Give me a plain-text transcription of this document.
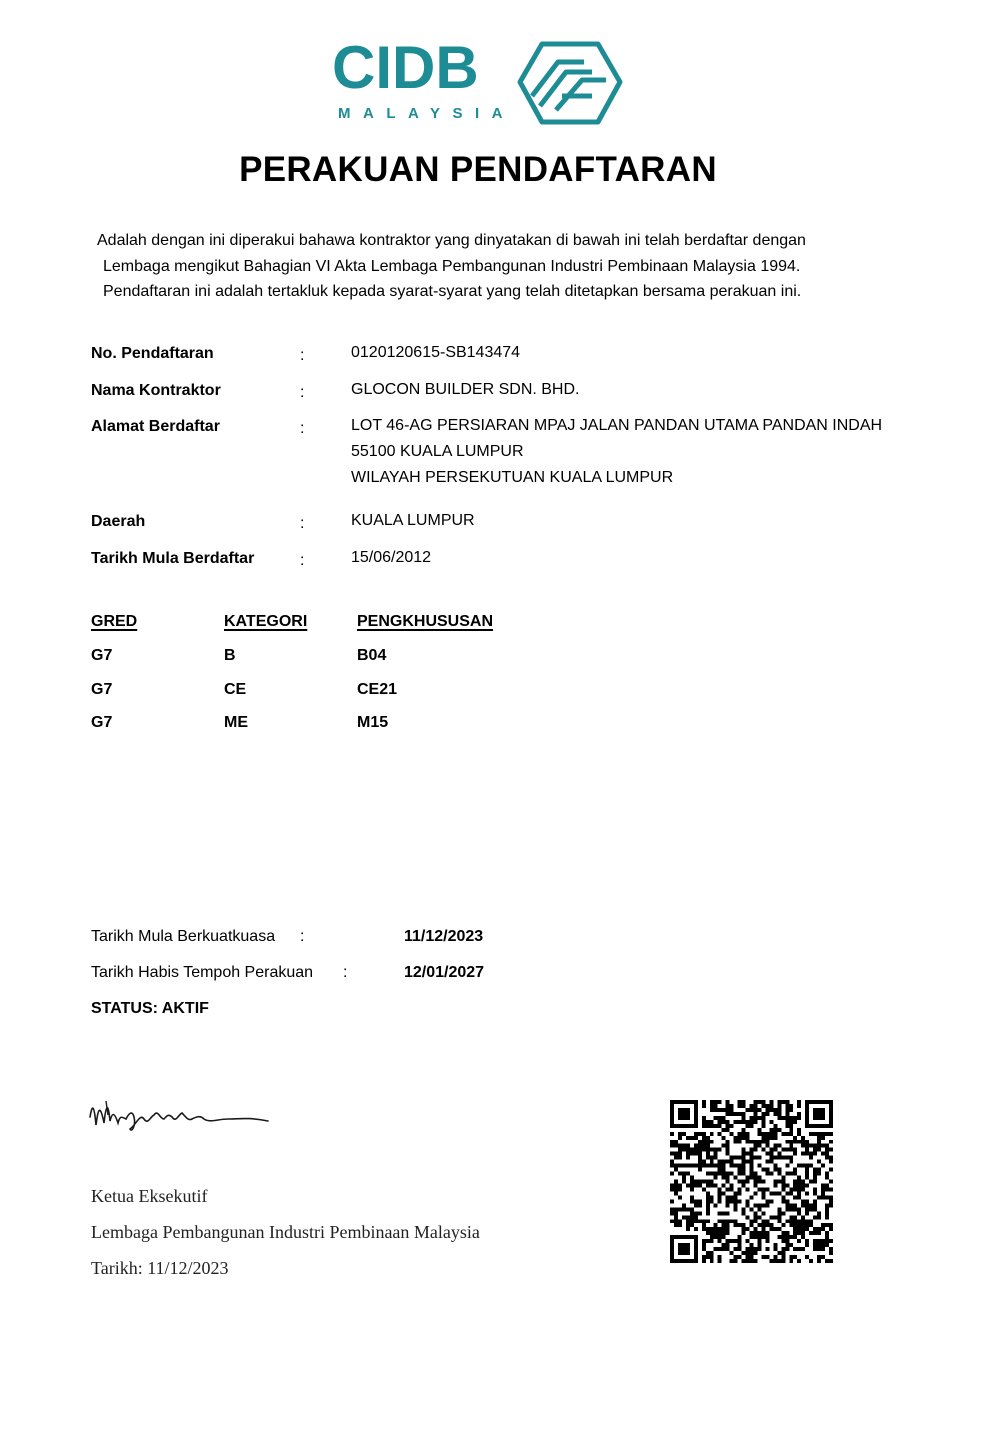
CIDB
MALAYSIA
PERAKUAN PENDAFTARAN
Adalah dengan ini diperakui bahawa kontraktor yang dinyatakan di bawah ini telah berdaftar dengan
Lembaga mengikut Bahagian VI Akta Lembaga Pembangunan Industri Pembinaan Malaysia 1994.
Pendaftaran ini adalah tertakluk kepada syarat-syarat yang telah ditetapkan bersama perakuan ini.
No. Pendaftaran	:	0120120615-SB143474
Nama Kontraktor	:	GLOCON BUILDER SDN. BHD.
Alamat Berdaftar	:	LOT 46-AG PERSIARAN MPAJ JALAN PANDAN UTAMA PANDAN INDAH
55100 KUALA LUMPUR
WILAYAH PERSEKUTUAN KUALA LUMPUR
Daerah	:	KUALA LUMPUR
Tarikh Mula Berdaftar	:	15/06/2012
GRED	KATEGORI	PENGKHUSUSAN
G7	B	B04
G7	CE	CE21
G7	ME	M15
Tarikh Mula Berkuatkuasa :	11/12/2023
Tarikh Habis Tempoh Perakuan :	12/01/2027
STATUS: AKTIF
Ketua Eksekutif
Lembaga Pembangunan Industri Pembinaan Malaysia
Tarikh: 11/12/2023
